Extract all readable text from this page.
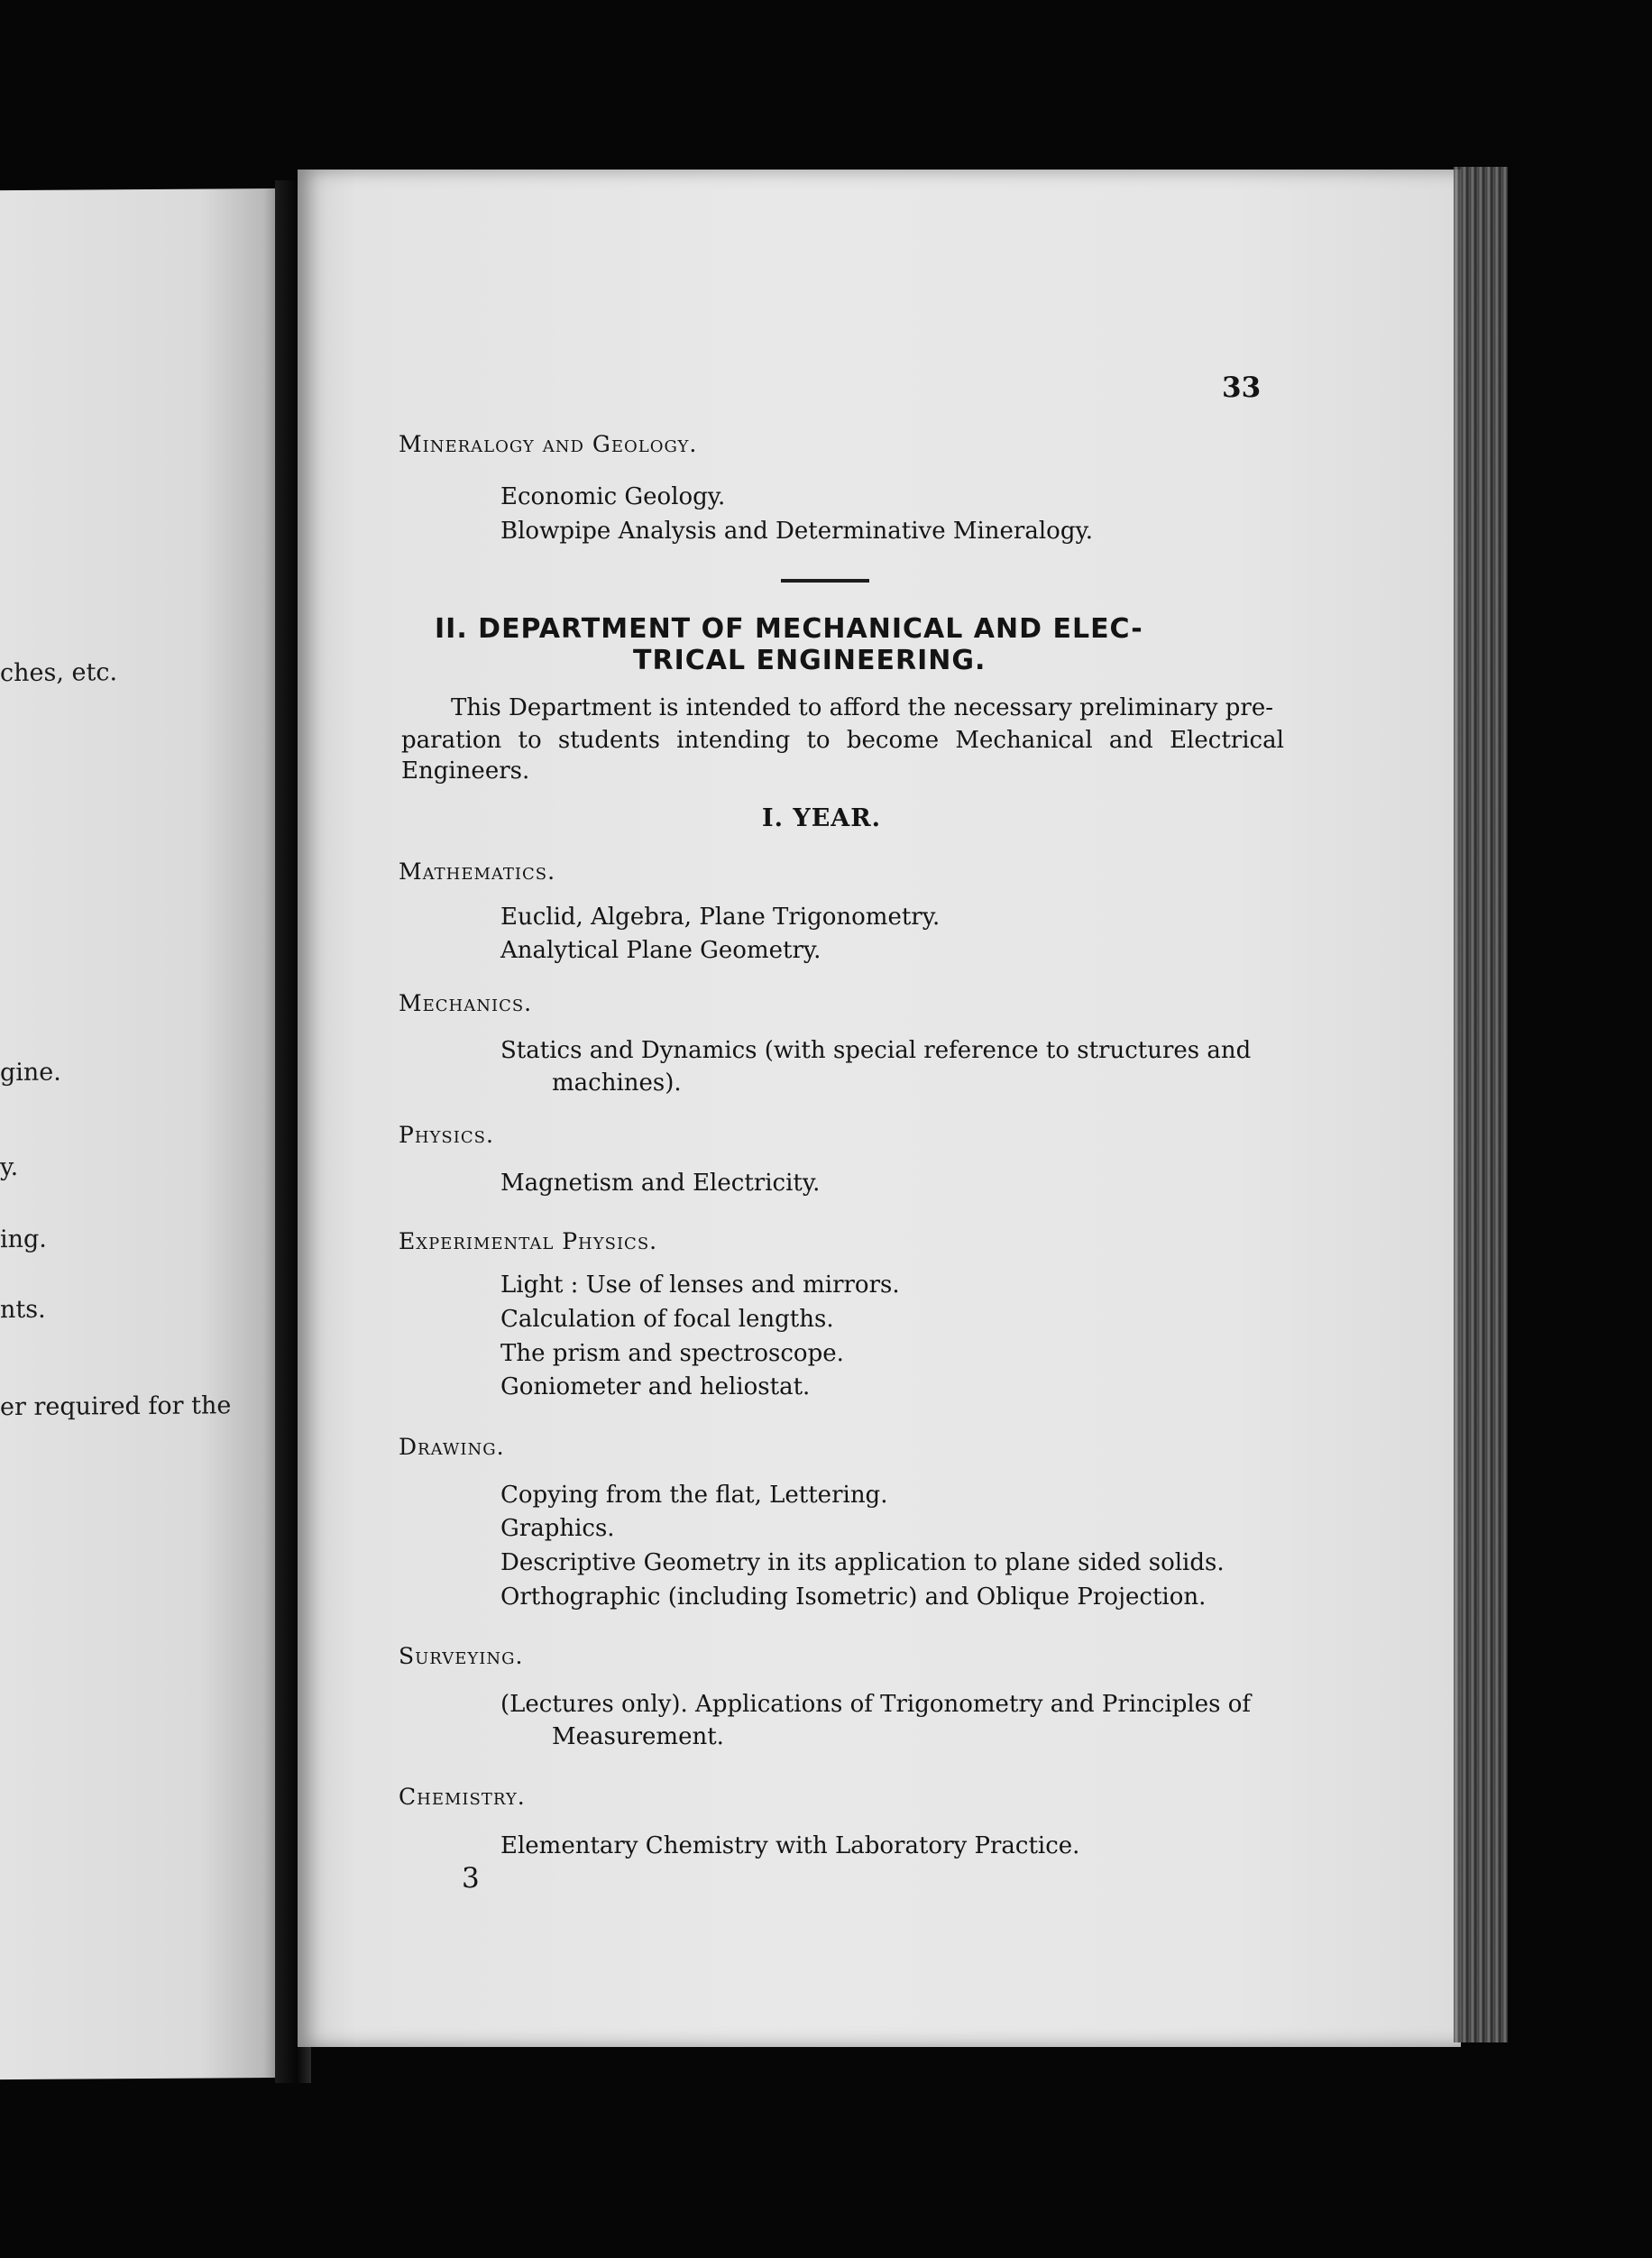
ches, etc.
gine.
y.
ing.
nts.
er required for the
33
Mineralogy and Geology.
Economic Geology.
Blowpipe Analysis and Determinative Mineralogy.
II. DEPARTMENT OF MECHANICAL AND ELEC-
TRICAL ENGINEERING.
This Department is intended to afford the necessary preliminary pre-
paration to students intending to become Mechanical and Electrical
Engineers.
I. YEAR.
Mathematics.
Euclid, Algebra, Plane Trigonometry.
Analytical Plane Geometry.
Mechanics.
Statics and Dynamics (with special reference to structures and
machines).
Physics.
Magnetism and Electricity.
Experimental Physics.
Light : Use of lenses and mirrors.
Calculation of focal lengths.
The prism and spectroscope.
Goniometer and heliostat.
Drawing.
Copying from the flat, Lettering.
Graphics.
Descriptive Geometry in its application to plane sided solids.
Orthographic (including Isometric) and Oblique Projection.
Surveying.
(Lectures only). Applications of Trigonometry and Principles of
Measurement.
Chemistry.
Elementary Chemistry with Laboratory Practice.
3
